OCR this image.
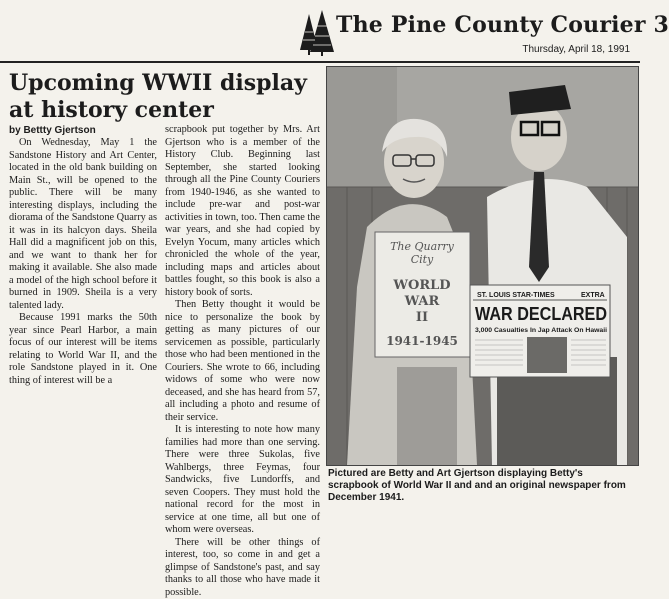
The Pine County Courier 3
Thursday, April 18, 1991
Upcoming WWII display at history center
by Bettty Gjertson

On Wednesday, May 1 the Sandstone History and Art Center, located in the old bank building on Main St., will be opened to the public. There will be many interesting displays, including the diorama of the Sandstone Quarry as it was in its halcyon days. Sheila Hall did a magnificent job on this, and we want to thank her for making it available. She also made a model of the high school before it burned in 1909. Sheila is a very talented lady.

Because 1991 marks the 50th year since Pearl Harbor, a main focus of our interest will be items relating to World War II, and the role Sandstone played in it. One thing of interest will be a

scrapbook put together by Mrs. Art Gjertson who is a member of the History Club. Beginning last September, she started looking through all the Pine County Couriers from 1940-1946, as she wanted to include pre-war and post-war activities in town, too. Then came the war years, and she had copied by Evelyn Yocum, many articles which chronicled the whole of the year, including maps and articles about battles fought, so this book is also a history book of sorts.

Then Betty thought it would be nice to personalize the book by getting as many pictures of our servicemen as possible, particularly those who had been mentioned in the Couriers. She wrote to 66, including widows of some who were now deceased, and she has heard from 57, all including a photo and resume of their service.

It is interesting to note how many families had more than one serving. There were three Sukolas, five Wahlbergs, three Feymas, four Sandwicks, five Lundorffs, and seven Coopers. They must hold the national record for the most in service at one time, all but one of whom were overseas.

There will be other things of interest, too, so come in and get a glimpse of Sandstone's past, and say thanks to all those who have made it possible.

The Quarry
City
WORLD
WAR
II
1941-1945
ST. LOUIS STAR-TIMES	EXTRA
WAR DECLARED
3,000 Casualties In Jap Attack On Hawaii
Pictured are Betty and Art Gjertson displaying Betty's scrapbook of World War II and and an original newspaper from December 1941.
